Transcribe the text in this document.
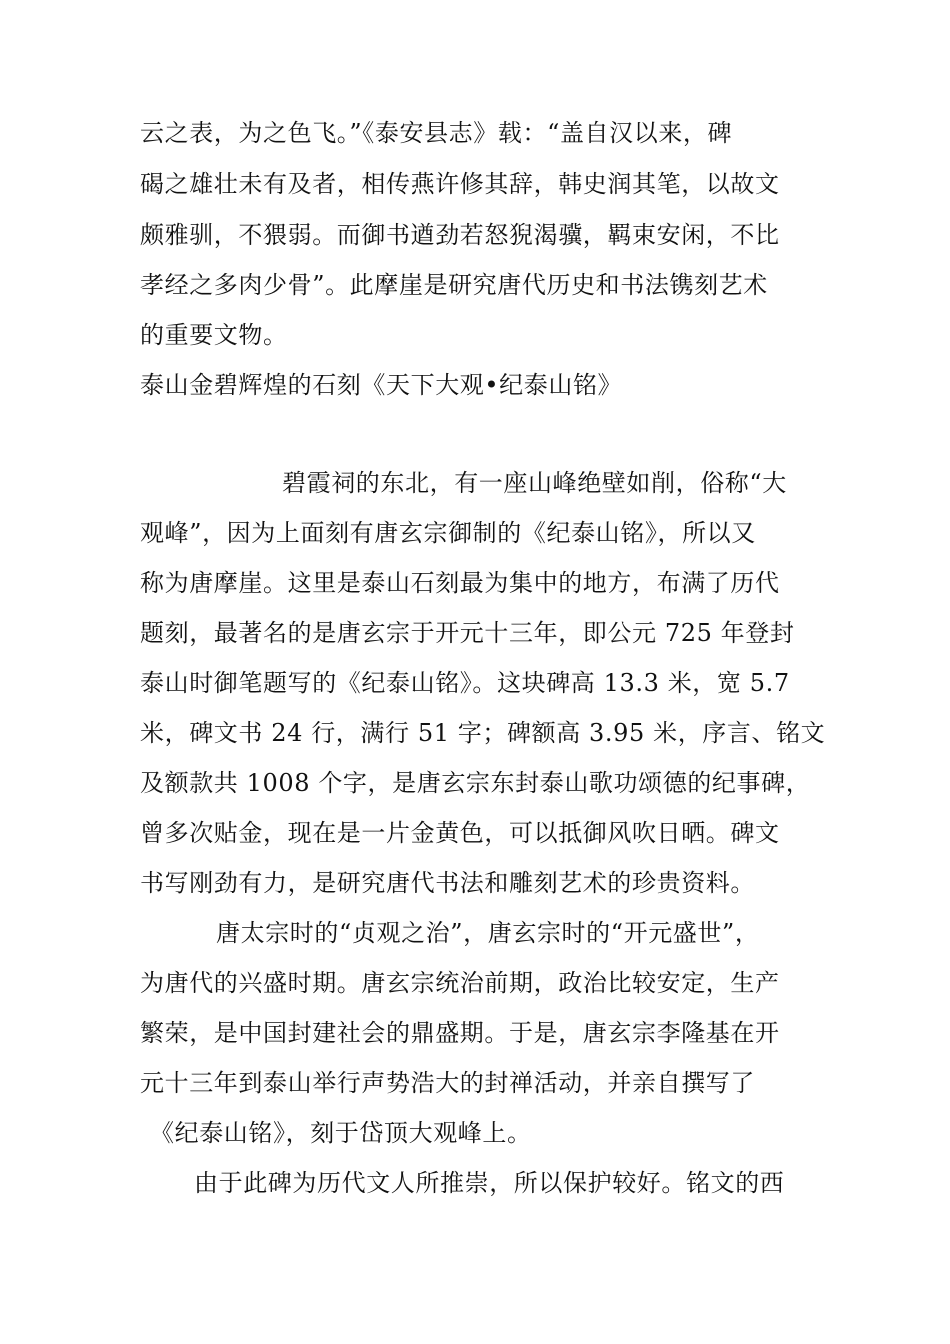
云之表，为之色飞。”《泰安县志》载：“盖自汉以来，碑
碣之雄壮未有及者，相传燕许修其辞，韩史润其笔，以故文
颇雅驯，不猥弱。而御书遒劲若怒猊渴骥，羁束安闲，不比
孝经之多肉少骨”。此摩崖是研究唐代历史和书法镌刻艺术
的重要文物。
泰山金碧辉煌的石刻《天下大观•纪泰山铭》
碧霞祠的东北，有一座山峰绝壁如削，俗称“大
观峰”，因为上面刻有唐玄宗御制的《纪泰山铭》，所以又
称为唐摩崖。这里是泰山石刻最为集中的地方，布满了历代
题刻，最著名的是唐玄宗于开元十三年，即公元 725 年登封
泰山时御笔题写的《纪泰山铭》。这块碑高 13.3 米，宽 5.7
米，碑文书 24 行，满行 51 字；碑额高 3.95 米，序言、铭文
及额款共 1008 个字，是唐玄宗东封泰山歌功颂德的纪事碑，
曾多次贴金，现在是一片金黄色，可以抵御风吹日晒。碑文
书写刚劲有力，是研究唐代书法和雕刻艺术的珍贵资料。
唐太宗时的“贞观之治”，唐玄宗时的“开元盛世”，
为唐代的兴盛时期。唐玄宗统治前期，政治比较安定，生产
繁荣，是中国封建社会的鼎盛期。于是，唐玄宗李隆基在开
元十三年到泰山举行声势浩大的封禅活动，并亲自撰写了
《纪泰山铭》，刻于岱顶大观峰上。
由于此碑为历代文人所推崇，所以保护较好。铭文的西
